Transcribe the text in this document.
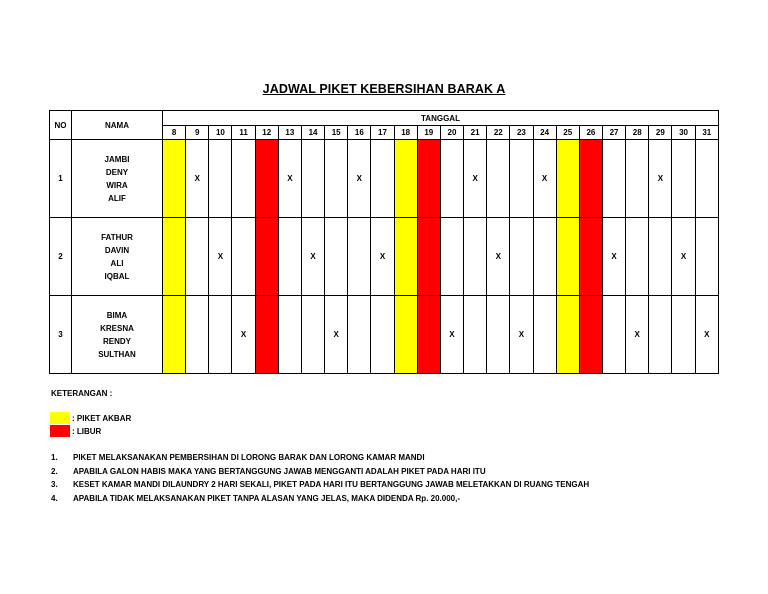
JADWAL PIKET KEBERSIHAN BARAK A
NO	NAMA	TANGGAL																							
		8	9	10	11	12	13	14	15	16	17	18	19	20	21	22	23	24	25	26	27	28	29	30	31
1	JAMBI
DENY
WIRA
ALIF		X				X			X					X			X					X		
2	FATHUR
DAVIN
ALI
IQBAL			X				X			X					X					X			X	
3	BIMA
KRESNA
RENDY
SULTHAN				X				X					X			X					X			X
KETERANGAN :
: PIKET AKBAR
: LIBUR
1.	PIKET MELAKSANAKAN PEMBERSIHAN DI LORONG BARAK DAN LORONG KAMAR MANDI
2.	APABILA GALON HABIS MAKA YANG BERTANGGUNG JAWAB MENGGANTI ADALAH PIKET PADA HARI ITU
3.	KESET KAMAR MANDI DILAUNDRY 2 HARI SEKALI, PIKET PADA HARI ITU BERTANGGUNG JAWAB MELETAKKAN DI RUANG TENGAH
4.	APABILA TIDAK MELAKSANAKAN PIKET TANPA ALASAN YANG JELAS, MAKA DIDENDA Rp. 20.000,-
